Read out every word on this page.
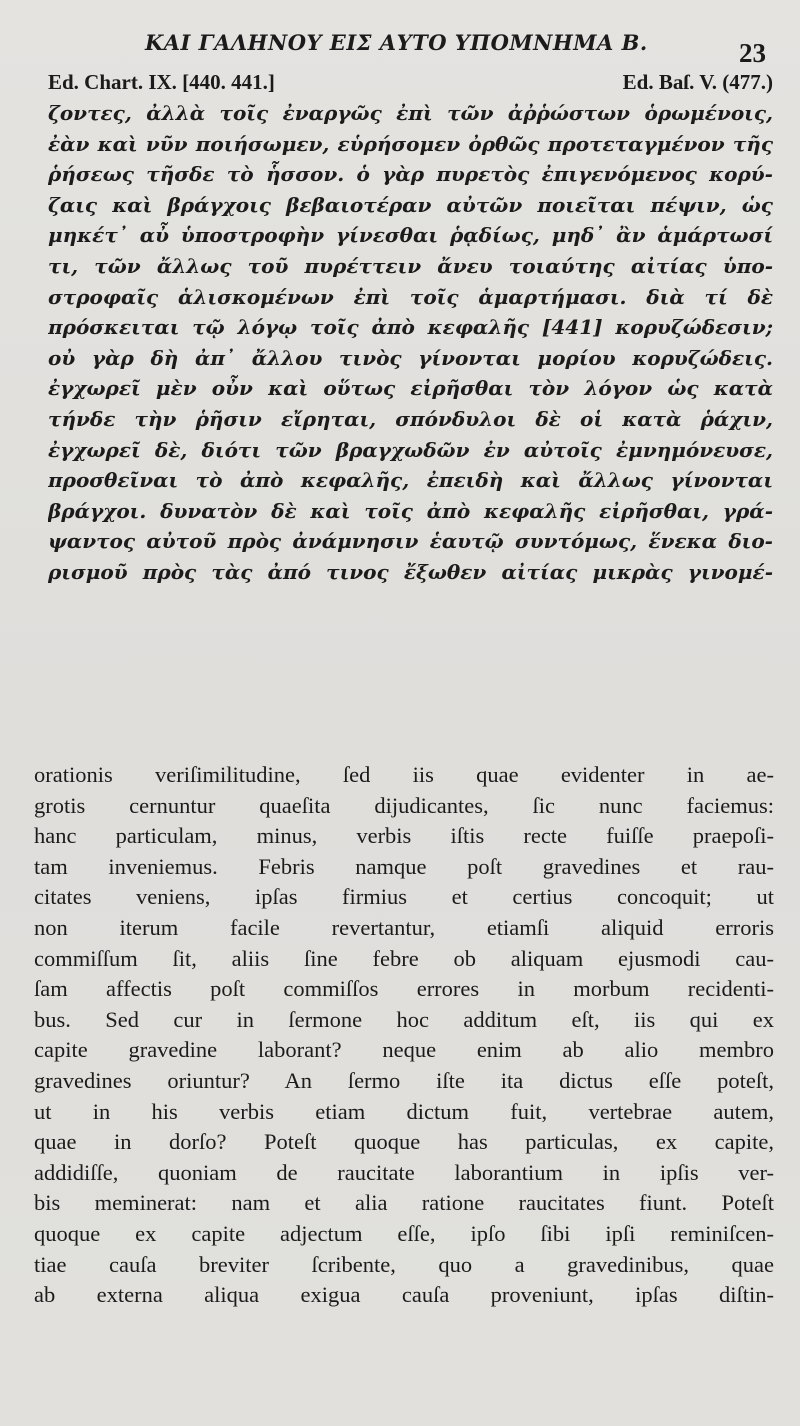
ΚΑΙ ΓΑΛΗΝΟΥ ΕΙΣ ΑΥΤΟ ΥΠΟΜΝΗΜΑ Β.	23
Ed. Chart. IX. [440. 441.]	Ed. Baſ. V. (477.)
ζοντες, ἀλλὰ τοῖς ἐναργῶς ἐπὶ τῶν ἀῤῥώστων ὁρωμένοις,
ἐὰν καὶ νῦν ποιήσωμεν, εὑρήσομεν ὀρθῶς προτεταγμένον τῆς
ῥήσεως τῆσδε τὸ ἧσσον. ὁ γὰρ πυρετὸς ἐπιγενόμενος κορύ-
ζαις καὶ βράγχοις βεβαιοτέραν αὐτῶν ποιεῖται πέψιν, ὡς
μηκέτ᾽ αὖ ὑποστροφὴν γίνεσθαι ῥᾳδίως, μηδ᾽ ἂν ἁμάρτωσί
τι, τῶν ἄλλως τοῦ πυρέττειν ἄνευ τοιαύτης αἰτίας ὑπο-
στροφαῖς ἁλισκομένων ἐπὶ τοῖς ἁμαρτήμασι. διὰ τί δὲ
πρόσκειται τῷ λόγῳ τοῖς ἀπὸ κεφαλῆς [441] κορυζώδεσιν;
οὐ γὰρ δὴ ἀπ᾽ ἄλλου τινὸς γίνονται μορίου κορυζώδεις.
ἐγχωρεῖ μὲν οὖν καὶ οὕτως εἰρῆσθαι τὸν λόγον ὡς κατὰ
τήνδε τὴν ῥῆσιν εἴρηται, σπόνδυλοι δὲ οἱ κατὰ ῥάχιν,
ἐγχωρεῖ δὲ, διότι τῶν βραγχωδῶν ἐν αὐτοῖς ἐμνημόνευσε,
προσθεῖναι τὸ ἀπὸ κεφαλῆς, ἐπειδὴ καὶ ἄλλως γίνονται
βράγχοι. δυνατὸν δὲ καὶ τοῖς ἀπὸ κεφαλῆς εἰρῆσθαι, γρά-
ψαντος αὐτοῦ πρὸς ἀνάμνησιν ἑαυτῷ συντόμως, ἕνεκα διο-
ρισμοῦ πρὸς τὰς ἀπό τινος ἔξωθεν αἰτίας μικρὰς γινομέ-
orationis veriſimilitudine, ſed iis quae evidenter in ae-
grotis cernuntur quaeſita dijudicantes, ſic nunc faciemus:
hanc particulam, minus, verbis iſtis recte fuiſſe praepoſi-
tam inveniemus. Febris namque poſt gravedines et rau-
citates veniens, ipſas firmius et certius concoquit; ut
non iterum facile revertantur, etiamſi aliquid erroris
commiſſum ſit, aliis ſine febre ob aliquam ejusmodi cau-
ſam affectis poſt commiſſos errores in morbum recidenti-
bus. Sed cur in ſermone hoc additum eſt, iis qui ex
capite gravedine laborant? neque enim ab alio membro
gravedines oriuntur? An ſermo iſte ita dictus eſſe poteſt,
ut in his verbis etiam dictum fuit, vertebrae autem,
quae in dorſo? Poteſt quoque has particulas, ex capite,
addidiſſe, quoniam de raucitate laborantium in ipſis ver-
bis meminerat: nam et alia ratione raucitates fiunt. Poteſt
quoque ex capite adjectum eſſe, ipſo ſibi ipſi reminiſcen-
tiae cauſa breviter ſcribente, quo a gravedinibus, quae
ab externa aliqua exigua cauſa proveniunt, ipſas diſtin-
